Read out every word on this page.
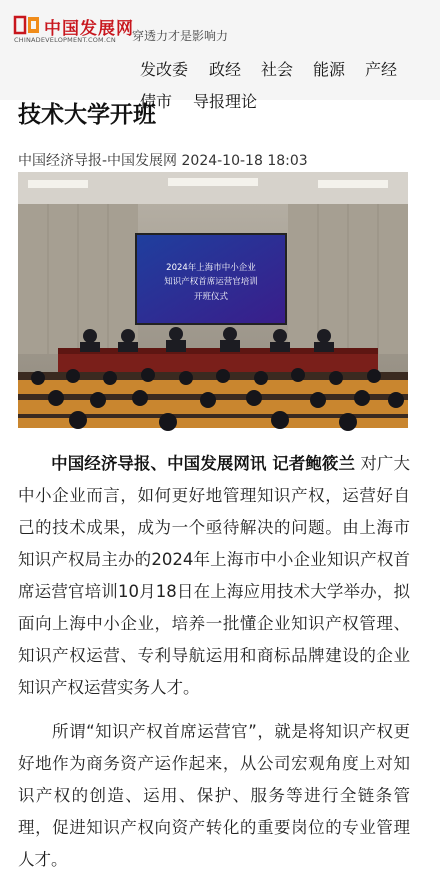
中国发展网
CHINADEVELOPMENT.COM.CN 穿透力才是影响力
发改委 政经 社会 能源 产经
债市 导报理论
技术大学开班
中国经济导报-中国发展网 2024-10-18 18:03
2024年上海市中小企业
知识产权首席运营官培训
开班仪式

　　中国经济导报、中国发展网讯 记者鲍筱兰 对广大中小企业而言，如何更好地管理知识产权，运营好自己的技术成果，成为一个亟待解决的问题。由上海市知识产权局主办的2024年上海市中小企业知识产权首席运营官培训10月18日在上海应用技术大学举办，拟面向上海中小企业，培养一批懂企业知识产权管理、知识产权运营、专利导航运用和商标品牌建设的企业知识产权运营实务人才。

　　所谓“知识产权首席运营官”，就是将知识产权更好地作为商务资产运作起来，从公司宏观角度上对知识产权的创造、运用、保护、服务等进行全链条管理，促进知识产权向资产转化的重要岗位的专业管理人才。
